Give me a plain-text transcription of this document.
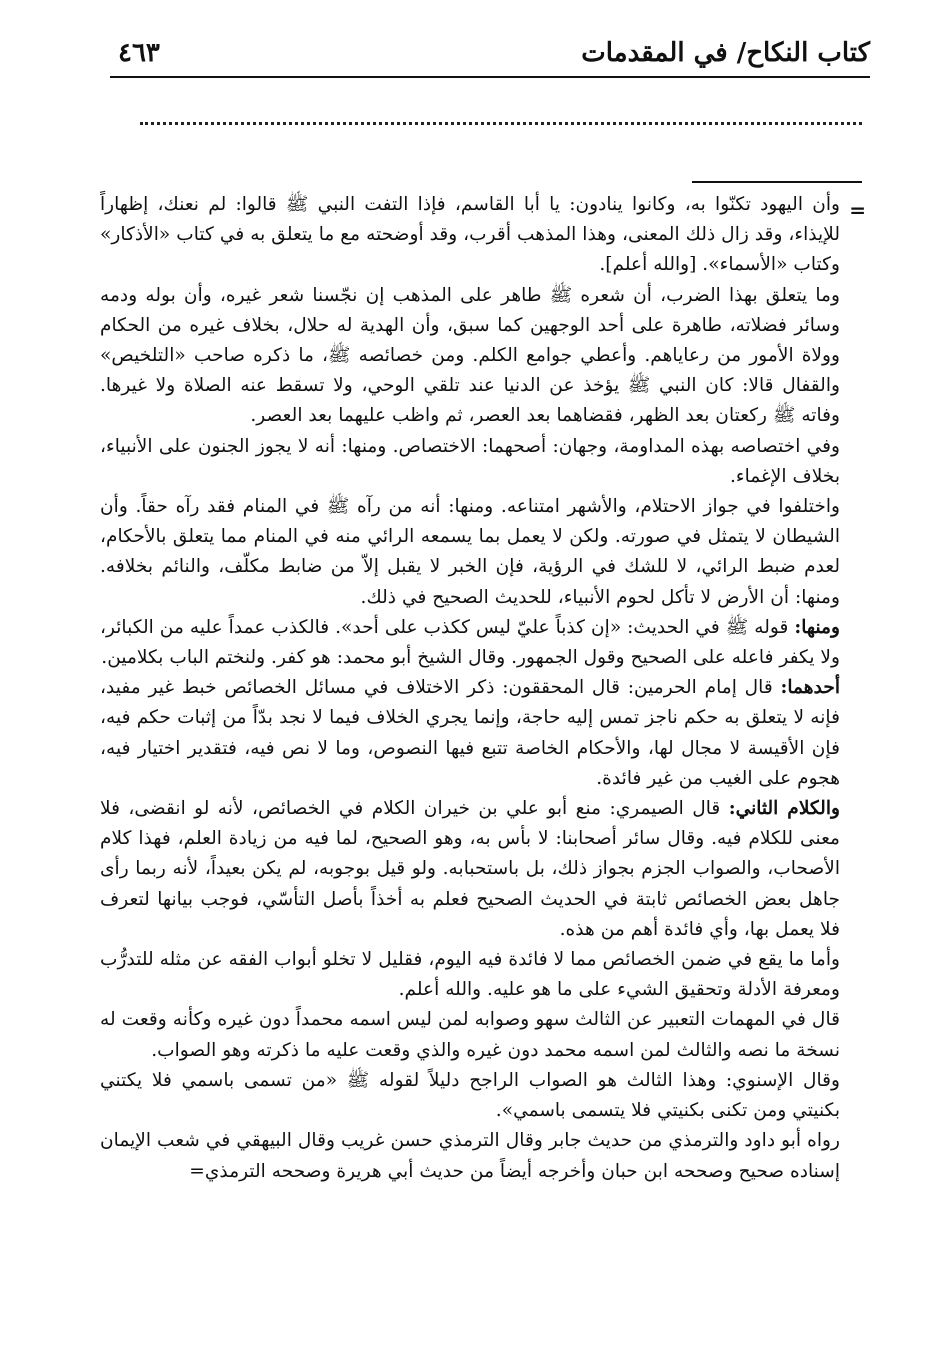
كتاب النكاح/ في المقدمات
٤٦٣
=

وأن اليهود تكنّوا به، وكانوا ينادون: يا أبا القاسم، فإذا التفت النبي ﷺ قالوا: لم نعنك، إظهاراً للإيذاء، وقد زال ذلك المعنى، وهذا المذهب أقرب، وقد أوضحته مع ما يتعلق به في كتاب «الأذكار» وكتاب «الأسماء». [والله أعلم].

وما يتعلق بهذا الضرب، أن شعره ﷺ طاهر على المذهب إن نجّسنا شعر غيره، وأن بوله ودمه وسائر فضلاته، طاهرة على أحد الوجهين كما سبق، وأن الهدية له حلال، بخلاف غيره من الحكام وولاة الأمور من رعاياهم. وأعطي جوامع الكلم. ومن خصائصه ﷺ، ما ذكره صاحب «التلخيص» والقفال قالا: كان النبي ﷺ يؤخذ عن الدنيا عند تلقي الوحي، ولا تسقط عنه الصلاة ولا غيرها. وفاته ﷺ ركعتان بعد الظهر، فقضاهما بعد العصر، ثم واظب عليهما بعد العصر.

وفي اختصاصه بهذه المداومة، وجهان: أصحهما: الاختصاص. ومنها: أنه لا يجوز الجنون على الأنبياء، بخلاف الإغماء.

واختلفوا في جواز الاحتلام، والأشهر امتناعه. ومنها: أنه من رآه ﷺ في المنام فقد رآه حقاً. وأن الشيطان لا يتمثل في صورته. ولكن لا يعمل بما يسمعه الرائي منه في المنام مما يتعلق بالأحكام، لعدم ضبط الرائي، لا للشك في الرؤية، فإن الخبر لا يقبل إلاّ من ضابط مكلّف، والنائم بخلافه. ومنها: أن الأرض لا تأكل لحوم الأنبياء، للحديث الصحيح في ذلك.

ومنها: قوله ﷺ في الحديث: «إن كذباً عليّ ليس ككذب على أحد». فالكذب عمداً عليه من الكبائر، ولا يكفر فاعله على الصحيح وقول الجمهور. وقال الشيخ أبو محمد: هو كفر. ولنختم الباب بكلامين.

أحدهما: قال إمام الحرمين: قال المحققون: ذكر الاختلاف في مسائل الخصائص خبط غير مفيد، فإنه لا يتعلق به حكم ناجز تمس إليه حاجة، وإنما يجري الخلاف فيما لا نجد بدّاً من إثبات حكم فيه، فإن الأقيسة لا مجال لها، والأحكام الخاصة تتبع فيها النصوص، وما لا نص فيه، فتقدير اختيار فيه، هجوم على الغيب من غير فائدة.

والكلام الثاني: قال الصيمري: منع أبو علي بن خيران الكلام في الخصائص، لأنه لو انقضى، فلا معنى للكلام فيه. وقال سائر أصحابنا: لا بأس به، وهو الصحيح، لما فيه من زيادة العلم، فهذا كلام الأصحاب، والصواب الجزم بجواز ذلك، بل باستحبابه. ولو قيل بوجوبه، لم يكن بعيداً، لأنه ربما رأى جاهل بعض الخصائص ثابتة في الحديث الصحيح فعلم به أخذاً بأصل التأسّي، فوجب بيانها لتعرف فلا يعمل بها، وأي فائدة أهم من هذه.

وأما ما يقع في ضمن الخصائص مما لا فائدة فيه اليوم، فقليل لا تخلو أبواب الفقه عن مثله للتدرُّب ومعرفة الأدلة وتحقيق الشيء على ما هو عليه. والله أعلم.

قال في المهمات التعبير عن الثالث سهو وصوابه لمن ليس اسمه محمداً دون غيره وكأنه وقعت له نسخة ما نصه والثالث لمن اسمه محمد دون غيره والذي وقعت عليه ما ذكرته وهو الصواب.

وقال الإسنوي: وهذا الثالث هو الصواب الراجح دليلاً لقوله ﷺ «من تسمى باسمي فلا يكتني بكنيتي ومن تكنى بكنيتي فلا يتسمى باسمي».

رواه أبو داود والترمذي من حديث جابر وقال الترمذي حسن غريب وقال البيهقي في شعب الإيمان إسناده صحيح وصححه ابن حبان وأخرجه أيضاً من حديث أبي هريرة وصححه الترمذي=
